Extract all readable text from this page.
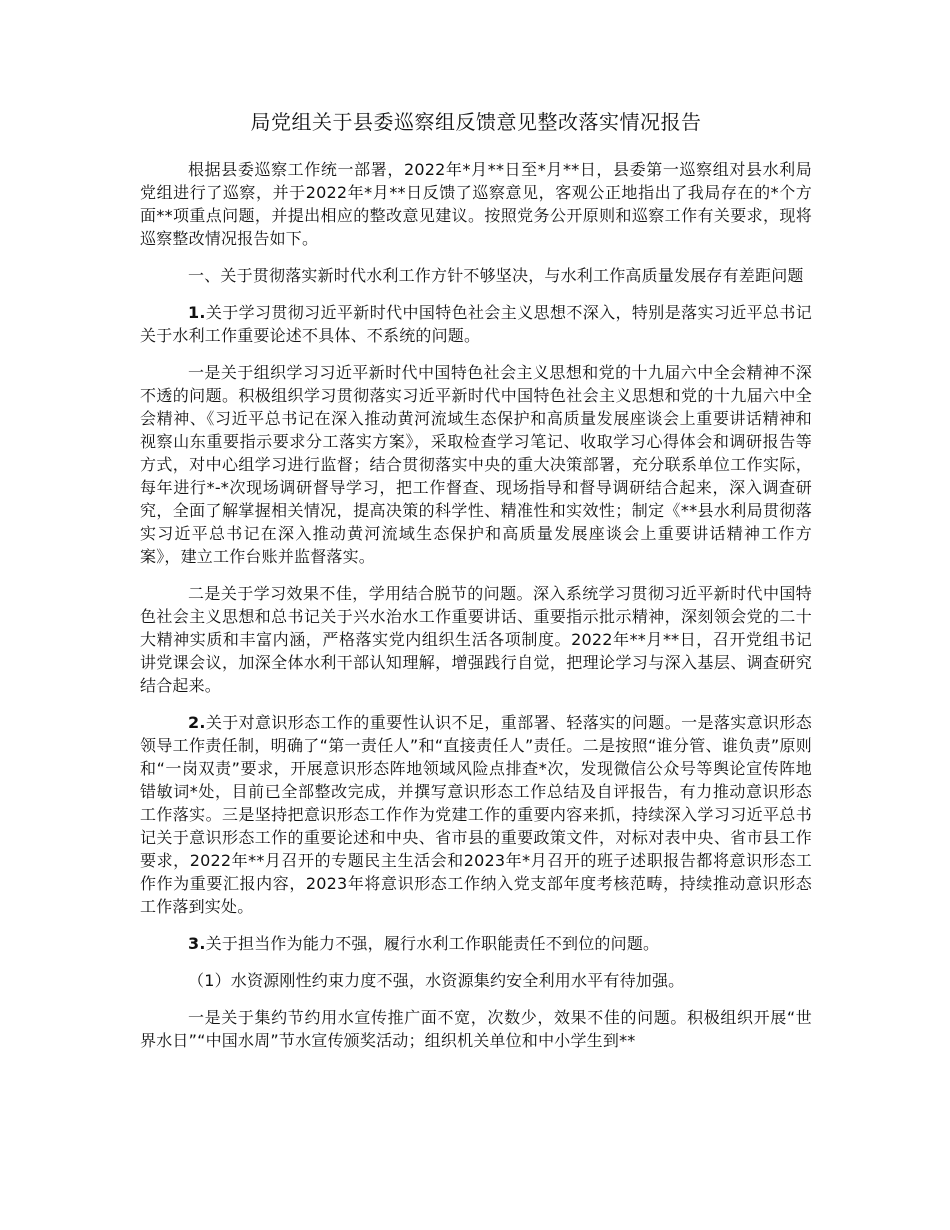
局党组关于县委巡察组反馈意见整改落实情况报告

根据县委巡察工作统一部署，2022年*月**日至*月**日，县委第一巡察组对县水利局党组进行了巡察，并于2022年*月**日反馈了巡察意见，客观公正地指出了我局存在的*个方面**项重点问题，并提出相应的整改意见建议。按照党务公开原则和巡察工作有关要求，现将巡察整改情况报告如下。

一、关于贯彻落实新时代水利工作方针不够坚决，与水利工作高质量发展存有差距问题

1.关于学习贯彻习近平新时代中国特色社会主义思想不深入，特别是落实习近平总书记关于水利工作重要论述不具体、不系统的问题。

一是关于组织学习习近平新时代中国特色社会主义思想和党的十九届六中全会精神不深不透的问题。积极组织学习贯彻落实习近平新时代中国特色社会主义思想和党的十九届六中全会精神、《习近平总书记在深入推动黄河流域生态保护和高质量发展座谈会上重要讲话精神和视察山东重要指示要求分工落实方案》，采取检查学习笔记、收取学习心得体会和调研报告等方式，对中心组学习进行监督；结合贯彻落实中央的重大决策部署，充分联系单位工作实际，每年进行*-*次现场调研督导学习，把工作督查、现场指导和督导调研结合起来，深入调查研究，全面了解掌握相关情况，提高决策的科学性、精准性和实效性；制定《**县水利局贯彻落实习近平总书记在深入推动黄河流域生态保护和高质量发展座谈会上重要讲话精神工作方案》，建立工作台账并监督落实。

二是关于学习效果不佳，学用结合脱节的问题。深入系统学习贯彻习近平新时代中国特色社会主义思想和总书记关于兴水治水工作重要讲话、重要指示批示精神，深刻领会党的二十大精神实质和丰富内涵，严格落实党内组织生活各项制度。2022年**月**日，召开党组书记讲党课会议，加深全体水利干部认知理解，增强践行自觉，把理论学习与深入基层、调查研究结合起来。

2.关于对意识形态工作的重要性认识不足，重部署、轻落实的问题。一是落实意识形态领导工作责任制，明确了“第一责任人”和“直接责任人”责任。二是按照“谁分管、谁负责”原则和“一岗双责”要求，开展意识形态阵地领域风险点排查*次，发现微信公众号等舆论宣传阵地错敏词*处，目前已全部整改完成，并撰写意识形态工作总结及自评报告，有力推动意识形态工作落实。三是坚持把意识形态工作作为党建工作的重要内容来抓，持续深入学习习近平总书记关于意识形态工作的重要论述和中央、省市县的重要政策文件，对标对表中央、省市县工作要求，2022年**月召开的专题民主生活会和2023年*月召开的班子述职报告都将意识形态工作作为重要汇报内容，2023年将意识形态工作纳入党支部年度考核范畴，持续推动意识形态工作落到实处。

3.关于担当作为能力不强，履行水利工作职能责任不到位的问题。

（1）水资源刚性约束力度不强，水资源集约安全利用水平有待加强。

一是关于集约节约用水宣传推广面不宽，次数少，效果不佳的问题。积极组织开展“世界水日”“中国水周”节水宣传颁奖活动；组织机关单位和中小学生到**
